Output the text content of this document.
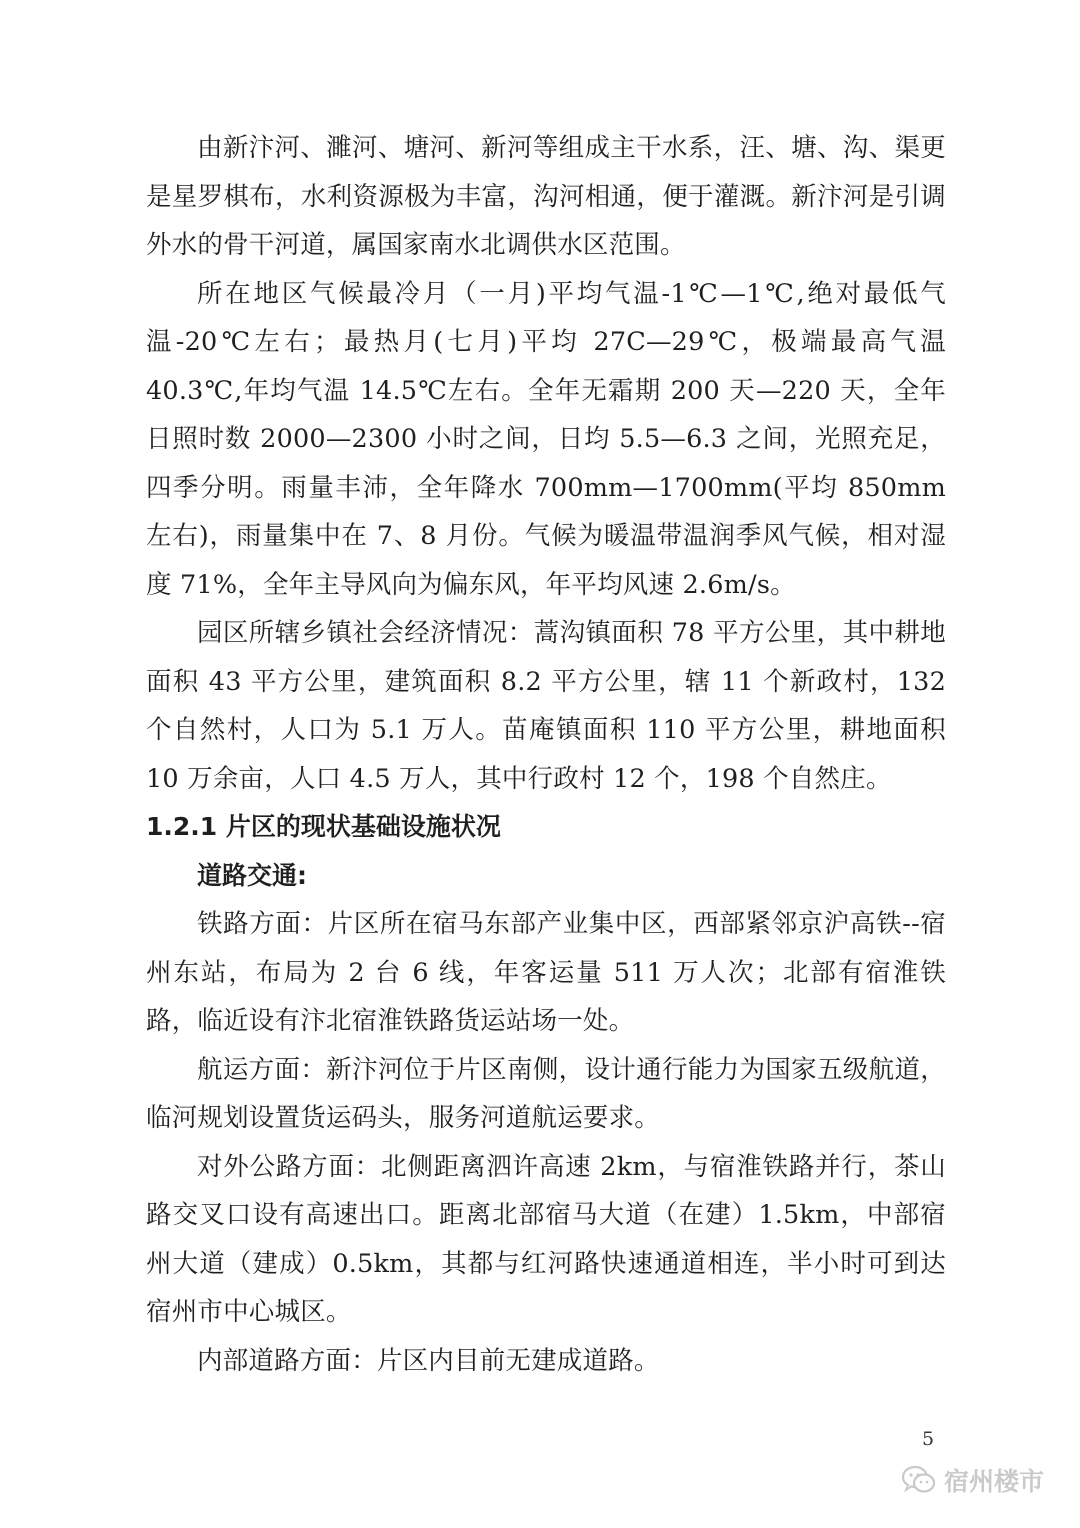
由新汴河、濉河、塘河、新河等组成主干水系，汪、塘、沟、渠更是星罗棋布，水利资源极为丰富，沟河相通，便于灌溉。新汴河是引调外水的骨干河道，属国家南水北调供水区范围。

所在地区气候最冷月（一月)平均气温-1℃—1℃,绝对最低气温-20℃左右；最热月(七月)平均 27C—29℃，极端最高气温 40.3℃,年均气温 14.5℃左右。全年无霜期 200 天—220 天，全年日照时数 2000—2300 小时之间，日均 5.5—6.3 之间，光照充足，四季分明。雨量丰沛，全年降水 700mm—1700mm(平均 850mm 左右)，雨量集中在 7、8 月份。气候为暖温带温润季风气候，相对湿度 71%，全年主导风向为偏东风，年平均风速 2.6m/s。

园区所辖乡镇社会经济情况：蒿沟镇面积 78 平方公里，其中耕地面积 43 平方公里，建筑面积 8.2 平方公里，辖 11 个新政村，132 个自然村，人口为 5.1 万人。苗庵镇面积 110 平方公里，耕地面积 10 万余亩，人口 4.5 万人，其中行政村 12 个，198 个自然庄。

1.2.1 片区的现状基础设施状况

道路交通:

铁路方面：片区所在宿马东部产业集中区，西部紧邻京沪高铁--宿州东站，布局为 2 台 6 线，年客运量 511 万人次；北部有宿淮铁路，临近设有汴北宿淮铁路货运站场一处。

航运方面：新汴河位于片区南侧，设计通行能力为国家五级航道，临河规划设置货运码头，服务河道航运要求。

对外公路方面：北侧距离泗许高速 2km，与宿淮铁路并行，茶山路交叉口设有高速出口。距离北部宿马大道（在建）1.5km，中部宿州大道（建成）0.5km，其都与红河路快速通道相连，半小时可到达宿州市中心城区。

内部道路方面：片区内目前无建成道路。

5
宿州楼市
